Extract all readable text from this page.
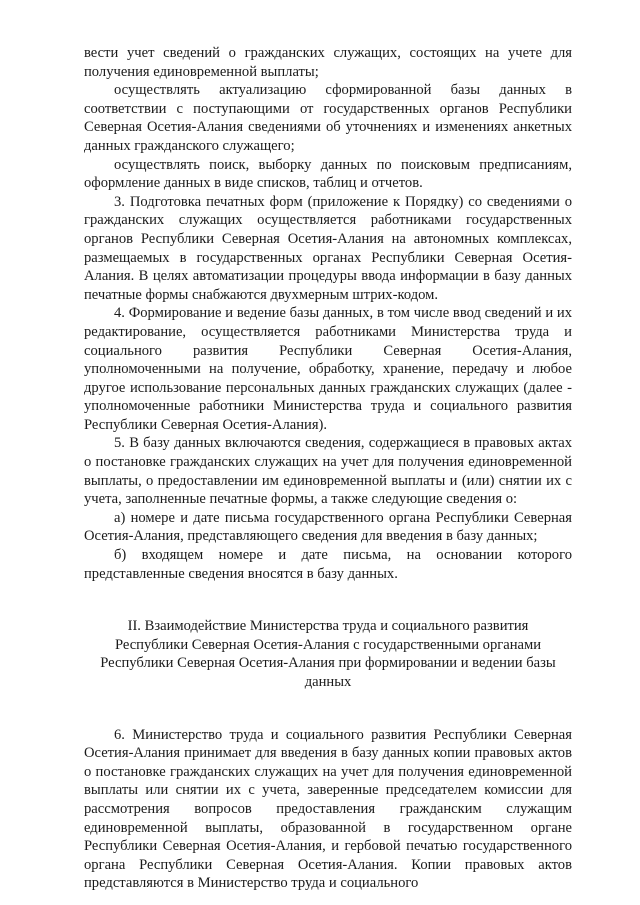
вести учет сведений о гражданских служащих, состоящих на учете для получения единовременной выплаты;

осуществлять актуализацию сформированной базы данных в соответствии с поступающими от государственных органов Республики Северная Осетия-Алания сведениями об уточнениях и изменениях анкетных данных гражданского служащего;

осуществлять поиск, выборку данных по поисковым предписаниям, оформление данных в виде списков, таблиц и отчетов.

3. Подготовка печатных форм (приложение к Порядку) со сведениями о гражданских служащих осуществляется работниками государственных органов Республики Северная Осетия-Алания на автономных комплексах, размещаемых в государственных органах Республики Северная Осетия-Алания. В целях автоматизации процедуры ввода информации в базу данных печатные формы снабжаются двухмерным штрих-кодом.

4. Формирование и ведение базы данных, в том числе ввод сведений и их редактирование, осуществляется работниками Министерства труда и социального развития Республики Северная Осетия-Алания, уполномоченными на получение, обработку, хранение, передачу и любое другое использование персональных данных гражданских служащих (далее - уполномоченные работники Министерства труда и социального развития Республики Северная Осетия-Алания).

5. В базу данных включаются сведения, содержащиеся в правовых актах о постановке гражданских служащих на учет для получения единовременной выплаты, о предоставлении им единовременной выплаты и (или) снятии их с учета, заполненные печатные формы, а также следующие сведения о:

а) номере и дате письма государственного органа Республики Северная Осетия-Алания, представляющего сведения для введения в базу данных;

б) входящем номере и дате письма, на основании которого представленные сведения вносятся в базу данных.

II. Взаимодействие Министерства труда и социального развития Республики Северная Осетия-Алания с государственными органами Республики Северная Осетия-Алания при формировании и ведении базы данных

6. Министерство труда и социального развития Республики Северная Осетия-Алания принимает для введения в базу данных копии правовых актов о постановке гражданских служащих на учет для получения единовременной выплаты или снятии их с учета, заверенные председателем комиссии для рассмотрения вопросов предоставления гражданским служащим единовременной выплаты, образованной в государственном органе Республики Северная Осетия-Алания, и гербовой печатью государственного органа Республики Северная Осетия-Алания. Копии правовых актов представляются в Министерство труда и социального
